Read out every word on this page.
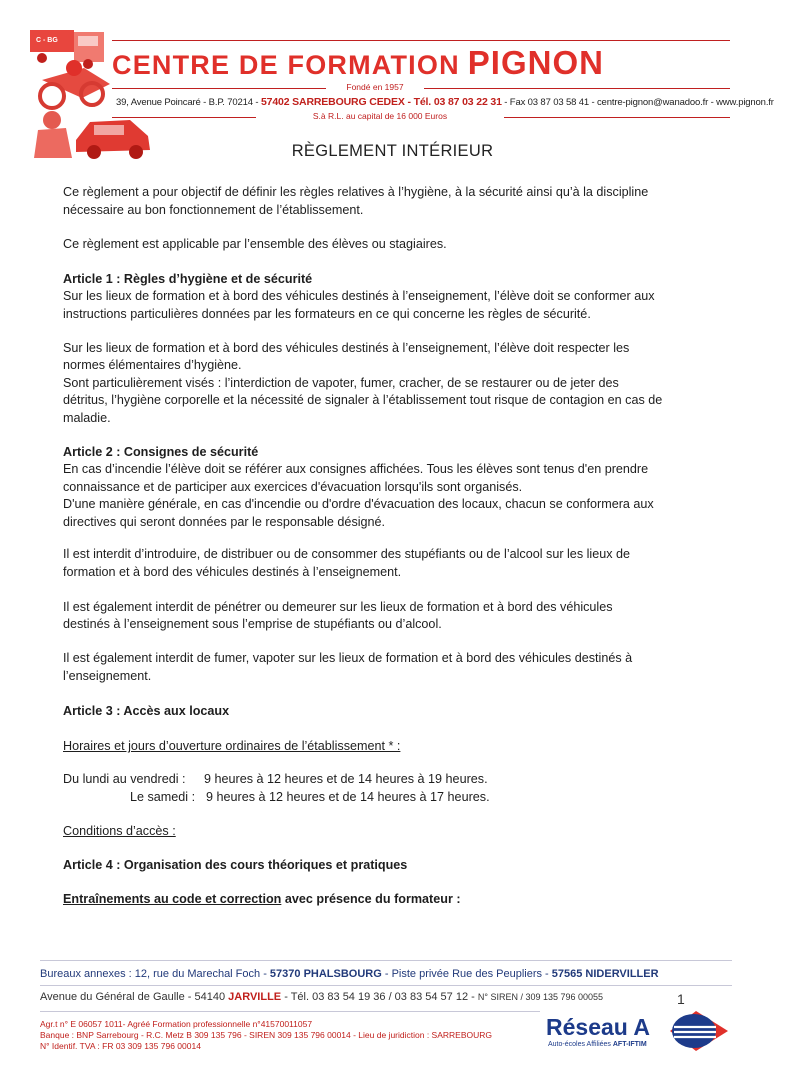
C - BG
CENTRE DE FORMATION PIGNON
Fondé en 1957
39, Avenue Poincaré - B.P. 70214 - 57402 SARREBOURG CEDEX - Tél. 03 87 03 22 31 - Fax 03 87 03 58 41 - centre-pignon@wanadoo.fr - www.pignon.fr
S.à R.L. au capital de 16 000 Euros
RÈGLEMENT INTÉRIEUR
Ce règlement a pour objectif de définir les règles relatives à l’hygiène, à la sécurité ainsi qu’à la discipline
nécessaire au bon fonctionnement de l’établissement.
Ce règlement est applicable par l’ensemble des élèves ou stagiaires.
Article 1 : Règles d’hygiène et de sécurité
Sur les lieux de formation et à bord des véhicules destinés à l’enseignement, l’élève doit se conformer aux
instructions particulières données par les formateurs en ce qui concerne les règles de sécurité.
Sur les lieux de formation et à bord des véhicules destinés à l’enseignement, l’élève doit respecter les
normes élémentaires d’hygiène.
Sont particulièrement visés : l’interdiction de vapoter, fumer, cracher, de se restaurer ou de jeter des
détritus, l’hygiène corporelle et la nécessité de signaler à l’établissement tout risque de contagion en cas de
maladie.
Article 2 : Consignes de sécurité
En cas d’incendie l’élève doit se référer aux consignes affichées. Tous les élèves sont tenus d'en prendre
connaissance et de participer aux exercices d'évacuation lorsqu'ils sont organisés.
D'une manière générale, en cas d'incendie ou d'ordre d'évacuation des locaux, chacun se conformera aux
directives qui seront données par le responsable désigné.
Il est interdit d’introduire, de distribuer ou de consommer des stupéfiants ou de l’alcool sur les lieux de
formation et à bord des véhicules destinés à l’enseignement.
Il est également interdit de pénétrer ou demeurer sur les lieux de formation et à bord des véhicules
destinés à l’enseignement sous l’emprise de stupéfiants ou d’alcool.
Il est également interdit de fumer, vapoter sur les lieux de formation et à bord des véhicules destinés à
l’enseignement.
Article 3 : Accès aux locaux
Horaires et jours d’ouverture ordinaires de l’établissement * :
Du lundi au vendredi : 9 heures à 12 heures et de 14 heures à 19 heures.
Le samedi : 9 heures à 12 heures et de 14 heures à 17 heures.
Conditions d’accès :
Article 4 : Organisation des cours théoriques et pratiques
Entraînements au code et correction avec présence du formateur :
Bureaux annexes : 12, rue du Marechal Foch - 57370 PHALSBOURG - Piste privée Rue des Peupliers - 57565 NIDERVILLER
Avenue du Général de Gaulle - 54140 JARVILLE - Tél. 03 83 54 19 36 / 03 83 54 57 12 - N° SIREN / 309 135 796 00055	1
Agr.t n° E 06057 1011- Agréé Formation professionnelle n°41570011057
Banque : BNP Sarrebourg - R.C. Metz B 309 135 796 - SIREN 309 135 796 00014 - Lieu de juridiction : SARREBOURG
N° Identif. TVA : FR 03 309 135 796 00014
Réseau A
Auto-écoles Affiliées AFT-IFTIM
